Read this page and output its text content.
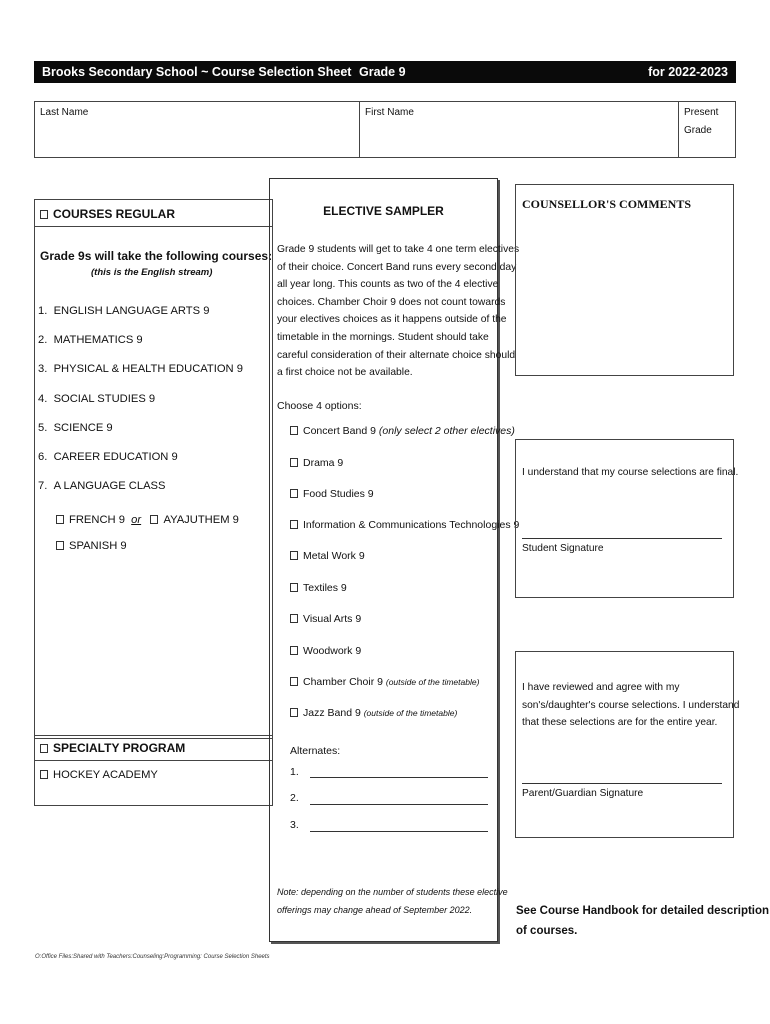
Brooks Secondary School ~ Course Selection Sheet Grade 9	for 2022-2023
Last Name	First Name	Present
Grade
COURSES REGULAR
Grade 9s will take the following courses:
(this is the English stream)
1. ENGLISH LANGUAGE ARTS 9
2. MATHEMATICS 9
3. PHYSICAL & HEALTH EDUCATION 9
4. SOCIAL STUDIES 9
5. SCIENCE 9
6. CAREER EDUCATION 9
7. A LANGUAGE CLASS
FRENCH 9 or AYAJUTHEM 9
SPANISH 9
SPECIALTY PROGRAM
HOCKEY ACADEMY
ELECTIVE SAMPLER
Grade 9 students will get to take 4 one term electives
of their choice. Concert Band runs every second day
all year long. This counts as two of the 4 elective
choices. Chamber Choir 9 does not count towards
your electives choices as it happens outside of the
timetable in the mornings. Student should take
careful consideration of their alternate choice should
a first choice not be available.
Choose 4 options:
Concert Band 9 (only select 2 other electives)
Drama 9
Food Studies 9
Information & Communications Technologies 9
Metal Work 9
Textiles 9
Visual Arts 9
Woodwork 9
Chamber Choir 9 (outside of the timetable)
Jazz Band 9 (outside of the timetable)
Alternates:
1.
2.
3.
Note: depending on the number of students these elective
offerings may change ahead of September 2022.
COUNSELLOR'S COMMENTS
I understand that my course selections are final.
Student Signature
I have reviewed and agree with my
son's/daughter's course selections. I understand
that these selections are for the entire year.
Parent/Guardian Signature
See Course Handbook for detailed description
of courses.
O:Office Files:Shared with Teachers:Counseling:Programming: Course Selection Sheets
